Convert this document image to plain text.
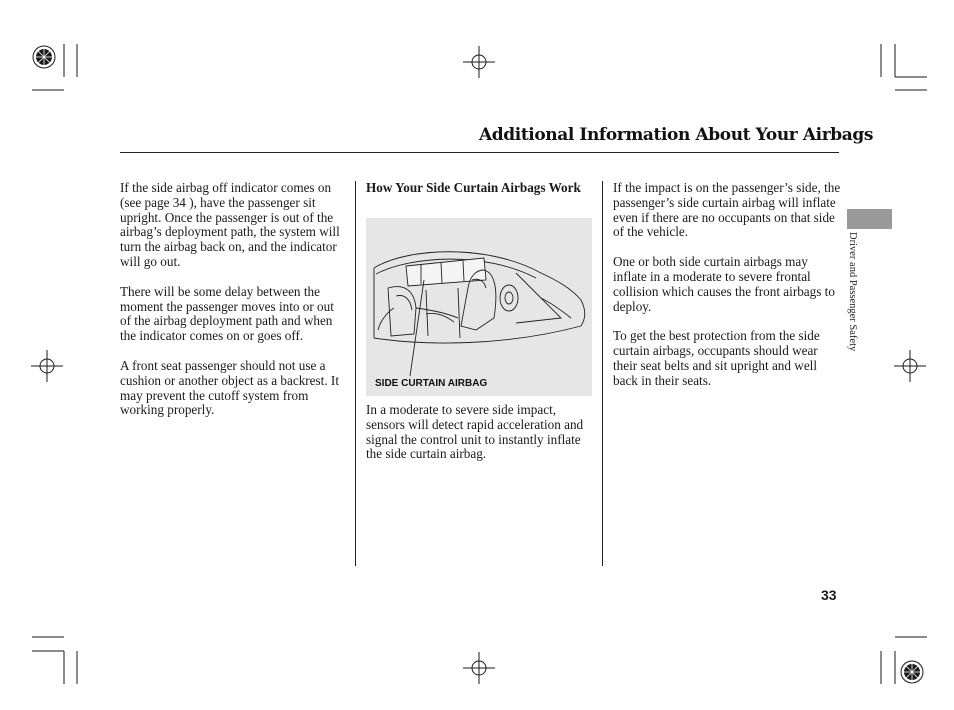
Additional Information About Your Airbags

If the side airbag off indicator comes on (see page 34 ), have the passenger sit upright. Once the passenger is out of the airbag’s deployment path, the system will turn the airbag back on, and the indicator will go out.

There will be some delay between the moment the passenger moves into or out of the airbag deployment path and when the indicator comes on or goes off.

A front seat passenger should not use a cushion or another object as a backrest. It may prevent the cutoff system from working properly.

How Your Side Curtain Airbags Work
SIDE CURTAIN AIRBAG
In a moderate to severe side impact, sensors will detect rapid acceleration and signal the control unit to instantly inflate the side curtain airbag.

If the impact is on the passenger’s side, the passenger’s side curtain airbag will inflate even if there are no occupants on that side of the vehicle.

One or both side curtain airbags may inflate in a moderate to severe frontal collision which causes the front airbags to deploy.

To get the best protection from the side curtain airbags, occupants should wear their seat belts and sit upright and well back in their seats.

Driver and Passenger Safety
33
